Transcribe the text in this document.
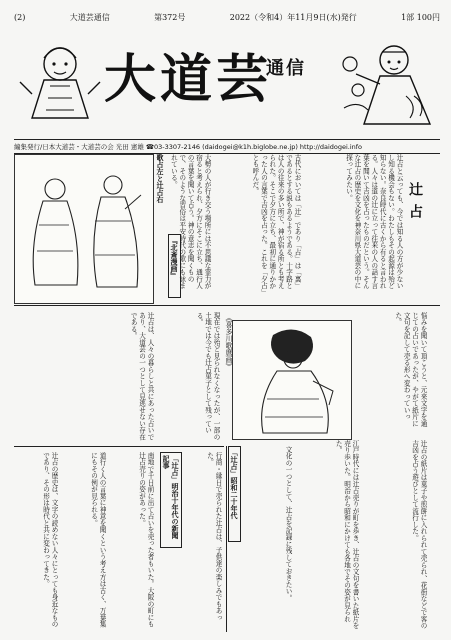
(2)	大道芸通信	第372号	2022（令和4）年11月9日(水)発行	1部 100円
大道芸
通信
編集発行/日本大道芸・大道芸の会 光田 憲雄 ☎03-3307-2146 (daidogei@k1h.biglobe.ne.jp) http://daidogei.info
辻占
辻占と云っても、今では知る人の方が少ないし知る機会もない。わたしもその起源は殆ど知らない。奈良時代に古くから有ると言われる。人々は道の辻に立って往来の人の話す言葉を聞いて吉凶を占ったものだという。そんな辻占の歴史を文化を神奈川県大道芸の中に探ってみたい。
古代においては「辻」であり「占」は「裏」であるとする説もあるようである。十字路とは人の往来の多い所で、神が宿る所とも考えられた。そこで夕方に立ち、最初に通りかかった人の言葉で吉凶を占った。これを「夕占」とも呼んだ。
大勢の人が行き交う場所には不思議な霊力が宿ると考えられ、夕方にそこに立ち、通行人の言葉を聞いて占う。神の意志を聞くもので、そのような習俗は平安時代の歌にも詠まれている。
歌占左と辻占右
『北斎漫画』
《喜多川歌麿画》	悩みを聞いて頂こうと、元来文字を通じての占いであったが、やがて紙片に文句を記して売る形へ変わっていった。
辻占の紙片は菓子や煎餅に入れられて売られ、花街などで客の吉凶を占う遊びとして流行した。
江戸時代には辻占売りが町を歩き、辻占の文句を書いた紙片を売り歩いた。明治から昭和にかけても各地でその姿が見られた。
現在では殆ど見られなくなったが、一部の土地では今でも辻占菓子として残っている。
辻占は、人々の暮らしと共にあった占いであり、大道芸の一つとして見逃せない存在である。
辻占の歴史は、文字の読めない人々にとっても身近なものであり、その形は時代と共に変わってきた。	道行く人の言葉に神意を聞くという考え方は古く、万葉集にもその例が見られる。	南地で千日前に出て占いを売った者もいた。大阪の町にも辻占売りの姿があった。	「辻占」明治十年代の新聞記事	行商・縁日で売られた辻占は、子供達の楽しみでもあった。	「辻占」昭和二十年代	文化の一つとして、辻占を記録に残しておきたい。
